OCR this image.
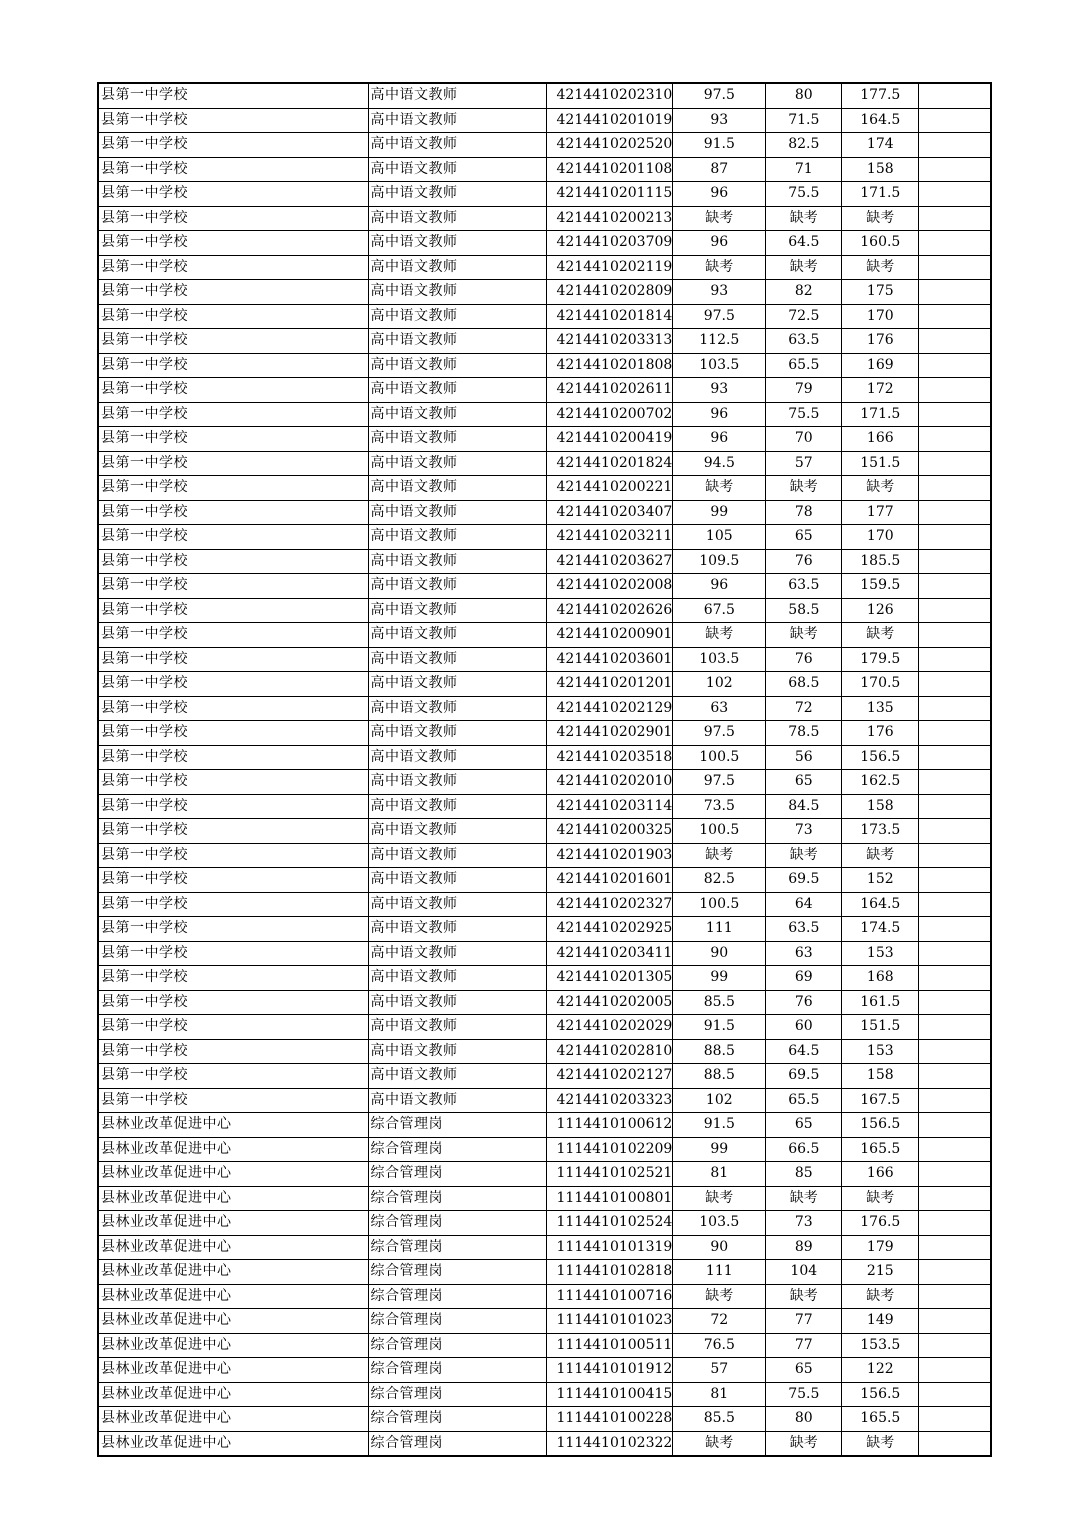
县第一中学校	高中语文教师	4214410202310	97.5	80	177.5	
县第一中学校	高中语文教师	4214410201019	93	71.5	164.5	
县第一中学校	高中语文教师	4214410202520	91.5	82.5	174	
县第一中学校	高中语文教师	4214410201108	87	71	158	
县第一中学校	高中语文教师	4214410201115	96	75.5	171.5	
县第一中学校	高中语文教师	4214410200213	缺考	缺考	缺考	
县第一中学校	高中语文教师	4214410203709	96	64.5	160.5	
县第一中学校	高中语文教师	4214410202119	缺考	缺考	缺考	
县第一中学校	高中语文教师	4214410202809	93	82	175	
县第一中学校	高中语文教师	4214410201814	97.5	72.5	170	
县第一中学校	高中语文教师	4214410203313	112.5	63.5	176	
县第一中学校	高中语文教师	4214410201808	103.5	65.5	169	
县第一中学校	高中语文教师	4214410202611	93	79	172	
县第一中学校	高中语文教师	4214410200702	96	75.5	171.5	
县第一中学校	高中语文教师	4214410200419	96	70	166	
县第一中学校	高中语文教师	4214410201824	94.5	57	151.5	
县第一中学校	高中语文教师	4214410200221	缺考	缺考	缺考	
县第一中学校	高中语文教师	4214410203407	99	78	177	
县第一中学校	高中语文教师	4214410203211	105	65	170	
县第一中学校	高中语文教师	4214410203627	109.5	76	185.5	
县第一中学校	高中语文教师	4214410202008	96	63.5	159.5	
县第一中学校	高中语文教师	4214410202626	67.5	58.5	126	
县第一中学校	高中语文教师	4214410200901	缺考	缺考	缺考	
县第一中学校	高中语文教师	4214410203601	103.5	76	179.5	
县第一中学校	高中语文教师	4214410201201	102	68.5	170.5	
县第一中学校	高中语文教师	4214410202129	63	72	135	
县第一中学校	高中语文教师	4214410202901	97.5	78.5	176	
县第一中学校	高中语文教师	4214410203518	100.5	56	156.5	
县第一中学校	高中语文教师	4214410202010	97.5	65	162.5	
县第一中学校	高中语文教师	4214410203114	73.5	84.5	158	
县第一中学校	高中语文教师	4214410200325	100.5	73	173.5	
县第一中学校	高中语文教师	4214410201903	缺考	缺考	缺考	
县第一中学校	高中语文教师	4214410201601	82.5	69.5	152	
县第一中学校	高中语文教师	4214410202327	100.5	64	164.5	
县第一中学校	高中语文教师	4214410202925	111	63.5	174.5	
县第一中学校	高中语文教师	4214410203411	90	63	153	
县第一中学校	高中语文教师	4214410201305	99	69	168	
县第一中学校	高中语文教师	4214410202005	85.5	76	161.5	
县第一中学校	高中语文教师	4214410202029	91.5	60	151.5	
县第一中学校	高中语文教师	4214410202810	88.5	64.5	153	
县第一中学校	高中语文教师	4214410202127	88.5	69.5	158	
县第一中学校	高中语文教师	4214410203323	102	65.5	167.5	
县林业改革促进中心	综合管理岗	1114410100612	91.5	65	156.5	
县林业改革促进中心	综合管理岗	1114410102209	99	66.5	165.5	
县林业改革促进中心	综合管理岗	1114410102521	81	85	166	
县林业改革促进中心	综合管理岗	1114410100801	缺考	缺考	缺考	
县林业改革促进中心	综合管理岗	1114410102524	103.5	73	176.5	
县林业改革促进中心	综合管理岗	1114410101319	90	89	179	
县林业改革促进中心	综合管理岗	1114410102818	111	104	215	
县林业改革促进中心	综合管理岗	1114410100716	缺考	缺考	缺考	
县林业改革促进中心	综合管理岗	1114410101023	72	77	149	
县林业改革促进中心	综合管理岗	1114410100511	76.5	77	153.5	
县林业改革促进中心	综合管理岗	1114410101912	57	65	122	
县林业改革促进中心	综合管理岗	1114410100415	81	75.5	156.5	
县林业改革促进中心	综合管理岗	1114410100228	85.5	80	165.5	
县林业改革促进中心	综合管理岗	1114410102322	缺考	缺考	缺考	
